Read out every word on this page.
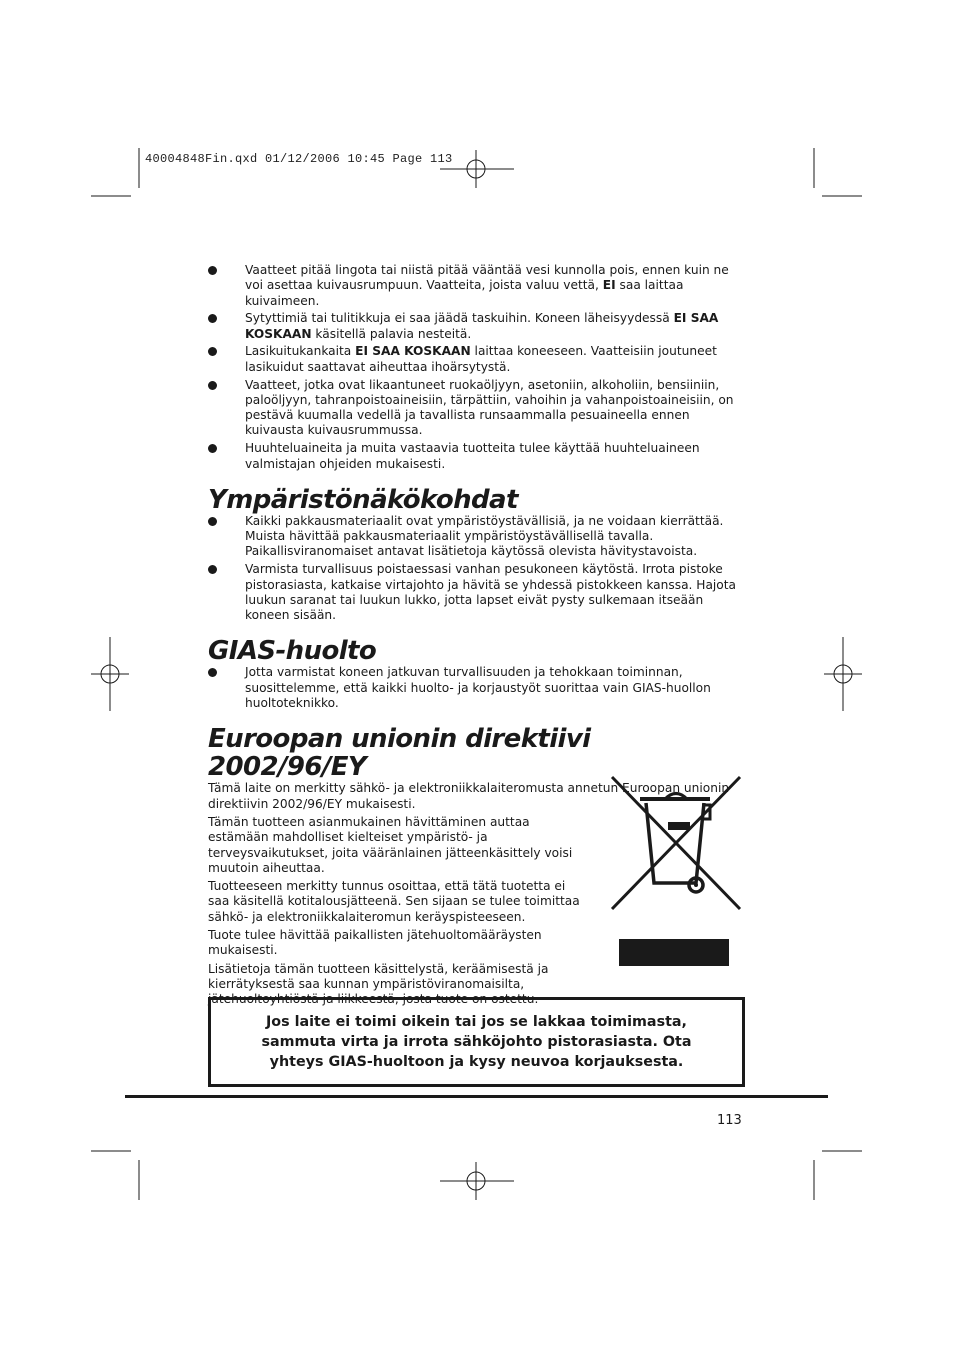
40004848Fin.qxd 01/12/2006 10:45 Page 113
Vaatteet pitää lingota tai niistä pitää vääntää vesi kunnolla pois, ennen kuin ne voi asettaa kuivausrumpuun. Vaatteita, joista valuu vettä, EI saa laittaa kuivaimeen.
Sytyttimiä tai tulitikkuja ei saa jäädä taskuihin. Koneen läheisyydessä EI SAA KOSKAAN käsitellä palavia nesteitä.
Lasikuitukankaita EI SAA KOSKAAN laittaa koneeseen. Vaatteisiin joutuneet lasikuidut saattavat aiheuttaa ihoärsytystä.
Vaatteet, jotka ovat likaantuneet ruokaöljyyn, asetoniin, alkoholiin, bensiiniin, paloöljyyn, tahranpoistoaineisiin, tärpättiin, vahoihin ja vahanpoistoaineisiin, on pestävä kuumalla vedellä ja tavallista runsaammalla pesuaineella ennen kuivausta kuivausrummussa.
Huuhteluaineita ja muita vastaavia tuotteita tulee käyttää huuhteluaineen valmistajan ohjeiden mukaisesti.
Ympäristönäkökohdat
Kaikki pakkausmateriaalit ovat ympäristöystävällisiä, ja ne voidaan kierrättää. Muista hävittää pakkausmateriaalit ympäristöystävällisellä tavalla. Paikallisviranomaiset antavat lisätietoja käytössä olevista hävitystavoista.
Varmista turvallisuus poistaessasi vanhan pesukoneen käytöstä. Irrota pistoke pistorasiasta, katkaise virtajohto ja hävitä se yhdessä pistokkeen kanssa. Hajota luukun saranat tai luukun lukko, jotta lapset eivät pysty sulkemaan itseään koneen sisään.
GIAS-huolto
Jotta varmistat koneen jatkuvan turvallisuuden ja tehokkaan toiminnan, suosittelemme, että kaikki huolto- ja korjaustyöt suorittaa vain GIAS-huollon huoltoteknikko.
Euroopan unionin direktiivi 2002/96/EY

Tämä laite on merkitty sähkö- ja elektroniikkalaiteromusta annetun Euroopan unionin direktiivin 2002/96/EY mukaisesti.

Tämän tuotteen asianmukainen hävittäminen auttaa estämään mahdolliset kielteiset ympäristö- ja terveysvaikutukset, joita vääränlainen jätteenkäsittely voisi muutoin aiheuttaa.

Tuotteeseen merkitty tunnus osoittaa, että tätä tuotetta ei saa käsitellä kotitalousjätteenä. Sen sijaan se tulee toimittaa sähkö- ja elektroniikkalaiteromun keräyspisteeseen.

Tuote tulee hävittää paikallisten jätehuoltomääräysten mukaisesti.

Lisätietoja tämän tuotteen käsittelystä, keräämisestä ja kierrätyksestä saa kunnan ympäristöviranomaisilta, jätehuoltoyhtiöstä ja liikkeestä, josta tuote on ostettu.

Jos laite ei toimi oikein tai jos se lakkaa toimimasta, sammuta virta ja irrota sähköjohto pistorasiasta. Ota yhteys GIAS-huoltoon ja kysy neuvoa korjauksesta.
113
